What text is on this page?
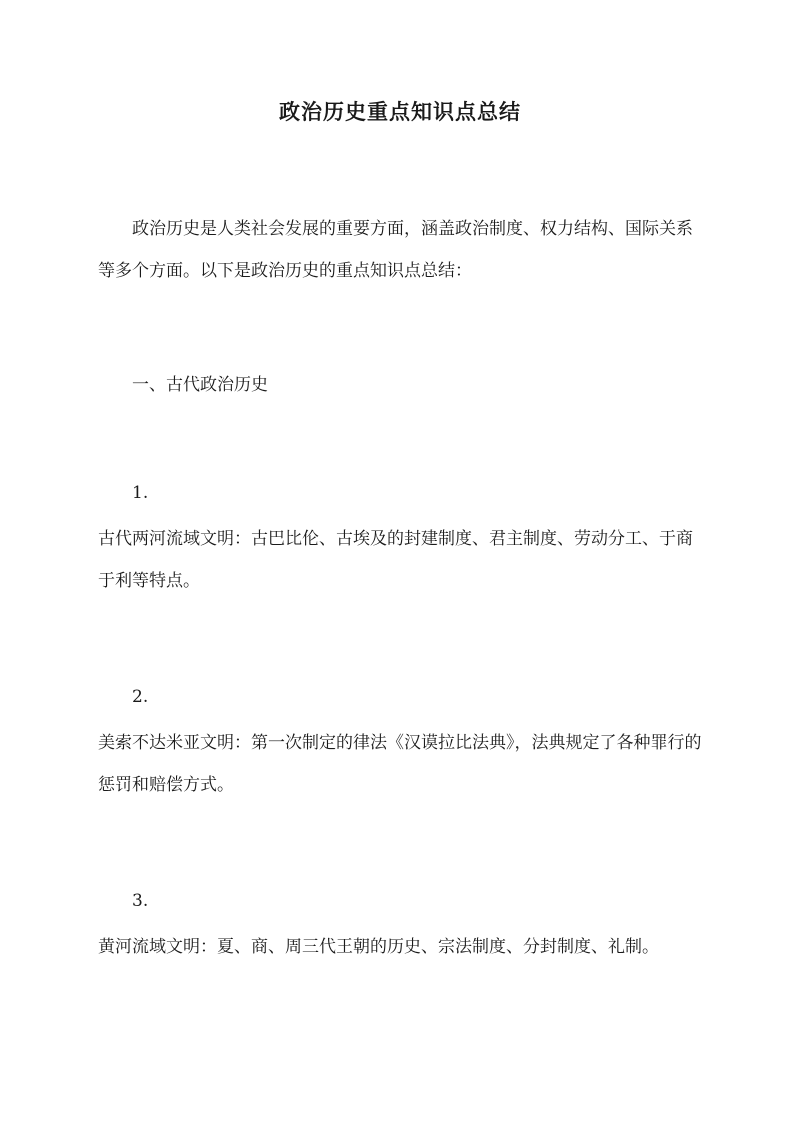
政治历史重点知识点总结

政治历史是人类社会发展的重要方面，涵盖政治制度、权力结构、国际关系等多个方面。以下是政治历史的重点知识点总结：

一、古代政治历史

1.

古代两河流域文明：古巴比伦、古埃及的封建制度、君主制度、劳动分工、于商于利等特点。

2.

美索不达米亚文明：第一次制定的律法《汉谟拉比法典》，法典规定了各种罪行的惩罚和赔偿方式。

3.

黄河流域文明：夏、商、周三代王朝的历史、宗法制度、分封制度、礼制。
